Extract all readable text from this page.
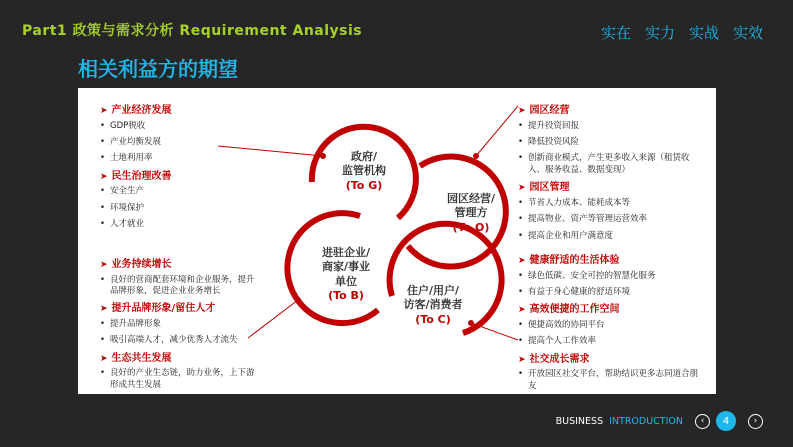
Part1 政策与需求分析 Requirement Analysis	实在 实力 实战 实效
相关利益方的期望
政府/
监管机构
(To G)
园区经营/
管理方
(To O)
进驻企业/
商家/事业
单位
(To B)	住户/用户/
访客/消费者
(To C)
➤ 产业经济发展
• GDP税收
• 产业均衡发展
• 土地利用率
➤ 民生治理改善
• 安全生产
• 环境保护
• 人才就业
➤ 业务持续增长
• 良好的营商配套环境和企业服务，提升品牌形象，促进企业业务增长
➤ 提升品牌形象/留住人才
• 提升品牌形象
• 吸引高端人才，减少优秀人才流失
➤ 生态共生发展
• 良好的产业生态链，助力业务，上下游形成共生发展
➤ 园区经营
• 提升投资回报
• 降低投资风险
• 创新商业模式，产生更多收入来源（租赁收入、服务收益、数据变现）
➤ 园区管理
• 节省人力成本、能耗成本等
• 提高物业、资产等管理运营效率
• 提高企业和用户满意度
➤ 健康舒适的生活体验
• 绿色低碳、安全可控的智慧化服务
• 有益于身心健康的舒适环境
➤ 高效便捷的工作空间
• 便捷高效的协同平台
• 提高个人工作效率
➤ 社交成长需求
• 开放园区社交平台，帮助结识更多志同道合朋友
BUSINESS INTRODUCTION	‹	4	›
